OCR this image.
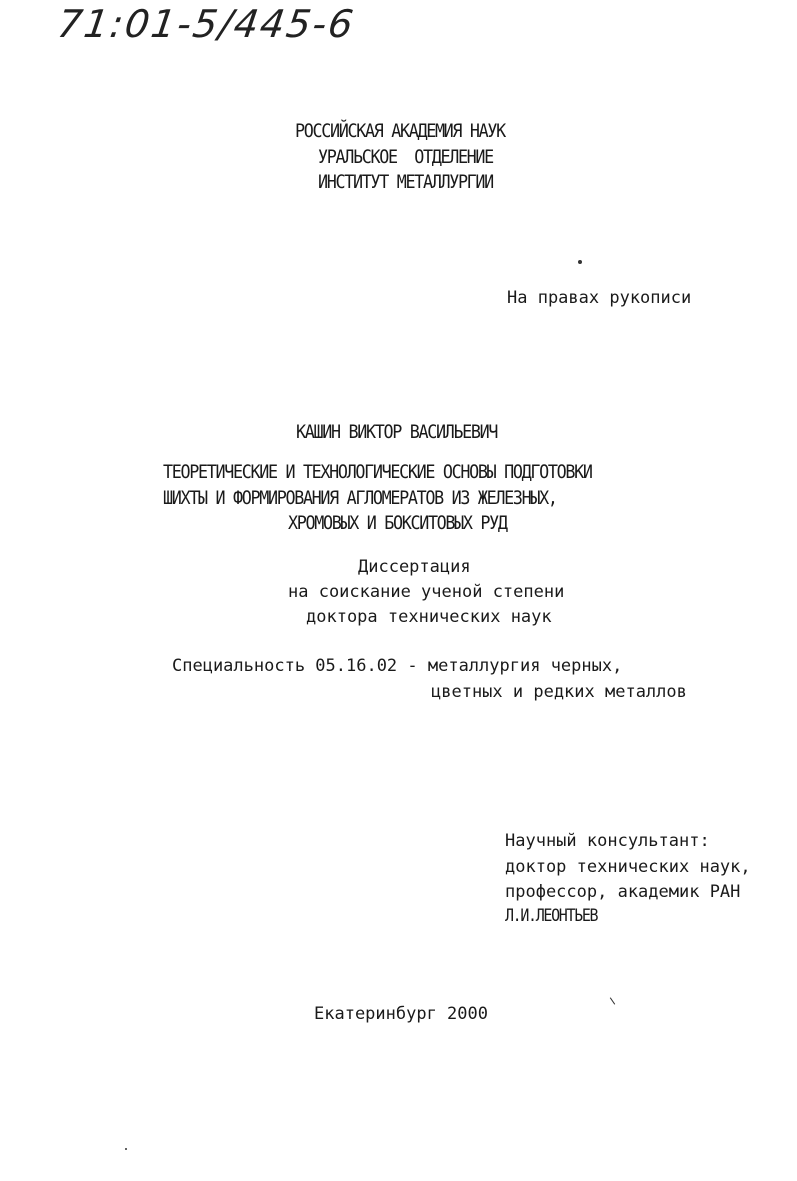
71:01-5/445-6
РОССИЙСКАЯ АКАДЕМИЯ НАУК
УРАЛЬСКОЕ  ОТДЕЛЕНИЕ
ИНСТИТУТ МЕТАЛЛУРГИИ
На правах рукописи
КАШИН ВИКТОР ВАСИЛЬЕВИЧ
ТЕОРЕТИЧЕСКИЕ И ТЕХНОЛОГИЧЕСКИЕ ОСНОВЫ ПОДГОТОВКИ
ШИХТЫ И ФОРМИРОВАНИЯ АГЛОМЕРАТОВ ИЗ ЖЕЛЕЗНЫХ,
ХРОМОВЫХ И БОКСИТОВЫХ РУД
Диссертация
на соискание ученой степени
доктора технических наук
Специальность 05.16.02 - металлургия черных,
цветных и редких металлов
Научный консультант:
доктор технических наук,
профессор, академик РАН
Л.И.ЛЕОНТЬЕВ
Екатеринбург 2000
